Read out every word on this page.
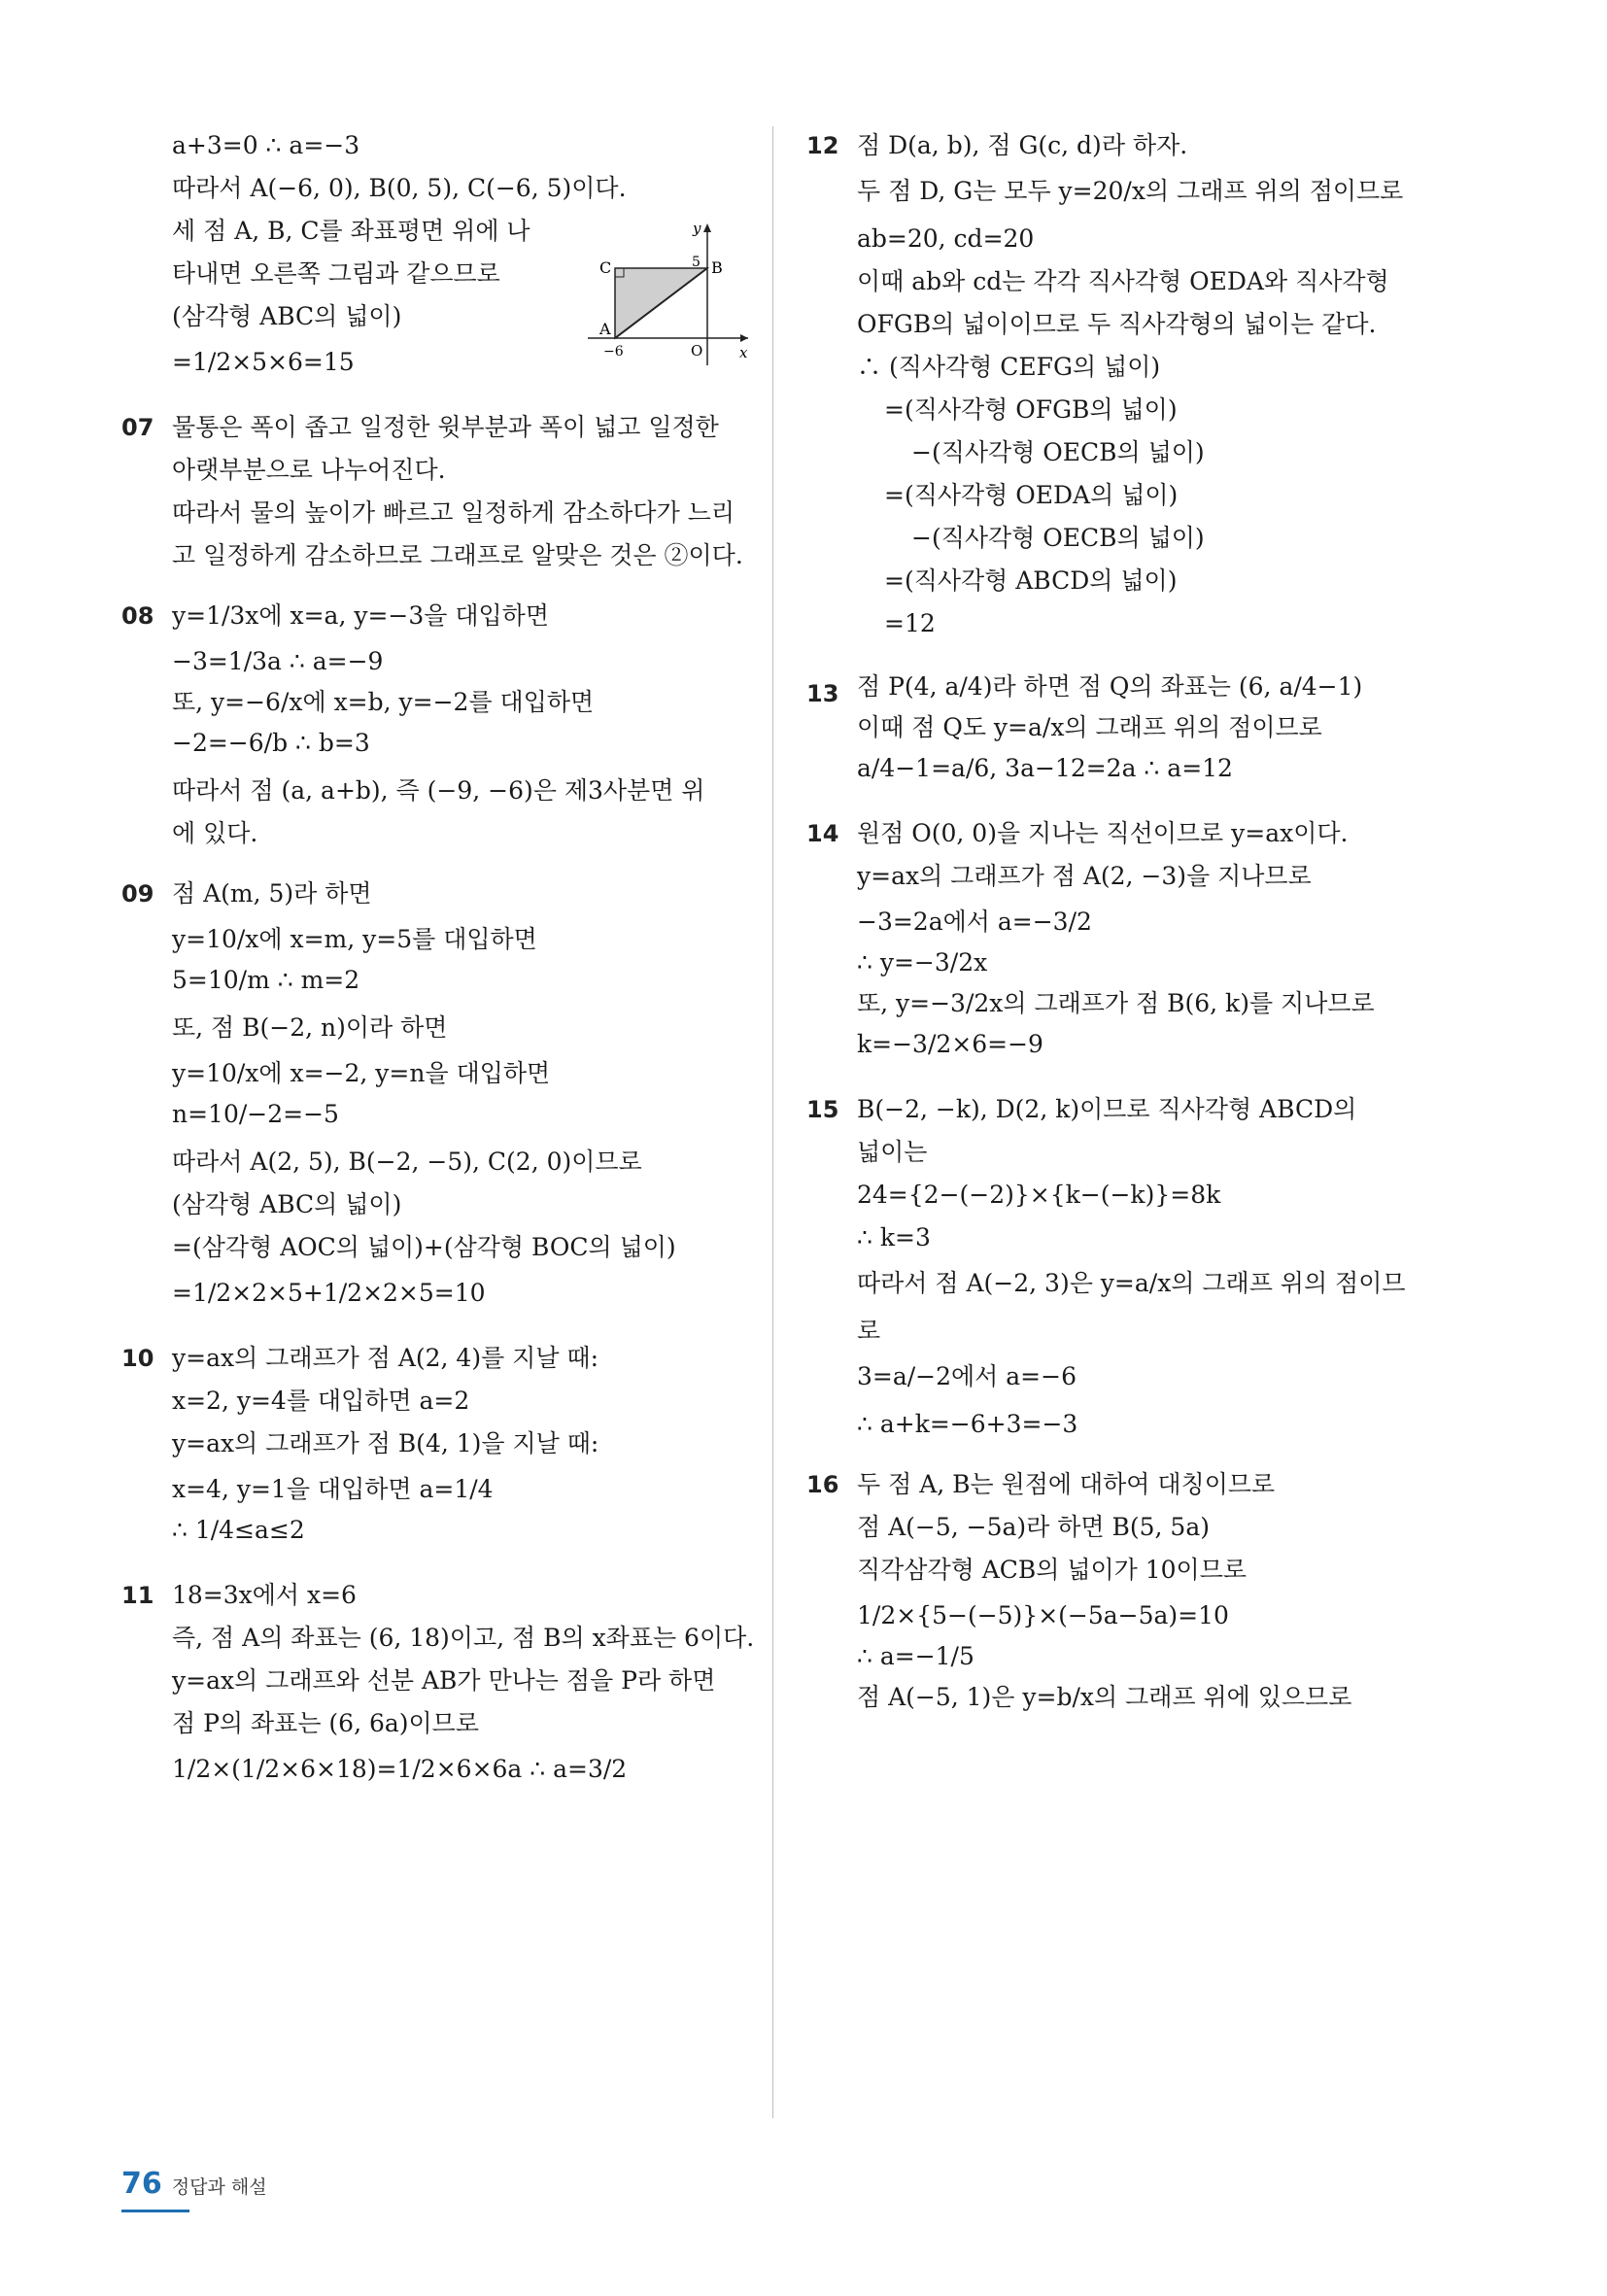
a+3=0 ∴ a=−3
따라서 A(−6, 0), B(0, 5), C(−6, 5)이다.
세 점 A, B, C를 좌표평면 위에 나
타내면 오른쪽 그림과 같으므로
(삼각형 ABC의 넓이)
=1/2×5×6=15
y
x
5
C	B
A
−6	O
07 물통은 폭이 좁고 일정한 윗부분과 폭이 넓고 일정한
아랫부분으로 나누어진다.
따라서 물의 높이가 빠르고 일정하게 감소하다가 느리
고 일정하게 감소하므로 그래프로 알맞은 것은 ②이다.
08 y=1/3x에 x=a, y=−3을 대입하면
−3=1/3a ∴ a=−9
또, y=−6/x에 x=b, y=−2를 대입하면
−2=−6/b ∴ b=3
따라서 점 (a, a+b), 즉 (−9, −6)은 제3사분면 위
에 있다.
09 점 A(m, 5)라 하면
y=10/x에 x=m, y=5를 대입하면
5=10/m ∴ m=2
또, 점 B(−2, n)이라 하면
y=10/x에 x=−2, y=n을 대입하면
n=10/−2=−5
따라서 A(2, 5), B(−2, −5), C(2, 0)이므로
(삼각형 ABC의 넓이)
=(삼각형 AOC의 넓이)+(삼각형 BOC의 넓이)
=1/2×2×5+1/2×2×5=10
10 y=ax의 그래프가 점 A(2, 4)를 지날 때:
x=2, y=4를 대입하면 a=2
y=ax의 그래프가 점 B(4, 1)을 지날 때:
x=4, y=1을 대입하면 a=1/4
∴ 1/4≤a≤2
11 18=3x에서 x=6
즉, 점 A의 좌표는 (6, 18)이고, 점 B의 x좌표는 6이다.
y=ax의 그래프와 선분 AB가 만나는 점을 P라 하면
점 P의 좌표는 (6, 6a)이므로
1/2×(1/2×6×18)=1/2×6×6a ∴ a=3/2
12 점 D(a, b), 점 G(c, d)라 하자.
두 점 D, G는 모두 y=20/x의 그래프 위의 점이므로
ab=20, cd=20
이때 ab와 cd는 각각 직사각형 OEDA와 직사각형
OFGB의 넓이이므로 두 직사각형의 넓이는 같다.
∴ (직사각형 CEFG의 넓이)
=(직사각형 OFGB의 넓이)
−(직사각형 OECB의 넓이)
=(직사각형 OEDA의 넓이)
−(직사각형 OECB의 넓이)
=(직사각형 ABCD의 넓이)
=12
13 점 P(4, a/4)라 하면 점 Q의 좌표는 (6, a/4−1)
이때 점 Q도 y=a/x의 그래프 위의 점이므로
a/4−1=a/6, 3a−12=2a ∴ a=12
14 원점 O(0, 0)을 지나는 직선이므로 y=ax이다.
y=ax의 그래프가 점 A(2, −3)을 지나므로
−3=2a에서 a=−3/2
∴ y=−3/2x
또, y=−3/2x의 그래프가 점 B(6, k)를 지나므로
k=−3/2×6=−9
15 B(−2, −k), D(2, k)이므로 직사각형 ABCD의
넓이는
24={2−(−2)}×{k−(−k)}=8k
∴ k=3
따라서 점 A(−2, 3)은 y=a/x의 그래프 위의 점이므
로
3=a/−2에서 a=−6
∴ a+k=−6+3=−3
16 두 점 A, B는 원점에 대하여 대칭이므로
점 A(−5, −5a)라 하면 B(5, 5a)
직각삼각형 ACB의 넓이가 10이므로
1/2×{5−(−5)}×(−5a−5a)=10
∴ a=−1/5
점 A(−5, 1)은 y=b/x의 그래프 위에 있으므로
76 정답과 해설
